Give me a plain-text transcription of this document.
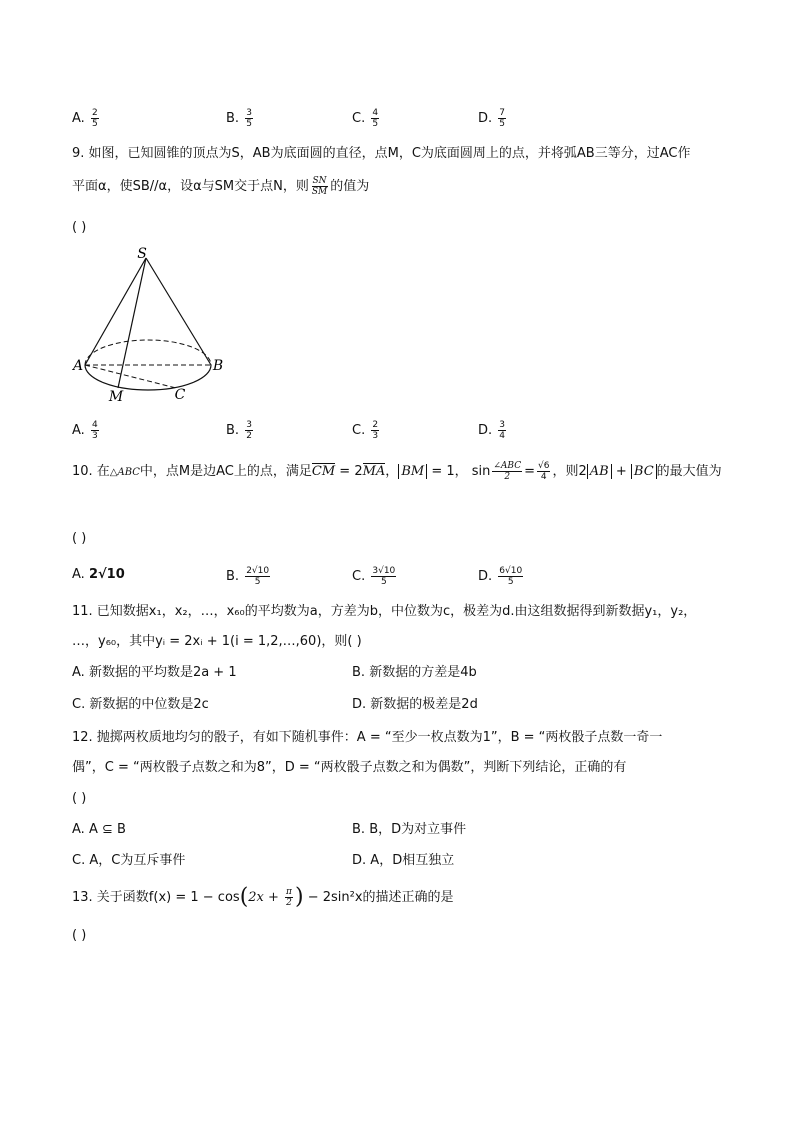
A. $\frac{2}{5}$	B. $\frac{3}{5}$	C. $\frac{4}{5}$	D. $\frac{7}{5}$
9. 如图，已知圆锥的顶点为S，AB为底面圆的直径，点M，C为底面圆周上的点，并将弧AB三等分，过AC作
平面α，使SB//α，设α与SM交于点N，则 $\frac{SN}{SM}$ 的值为
( )
S
A	B
M	C
A. $\frac{4}{3}$	B. $\frac{3}{2}$	C. $\frac{2}{3}$	D. $\frac{3}{4}$
10. 在△ABC中，点M是边AC上的点，满足CM = 2MA， BM = 1， $\sin \frac{\text{∠ABC}}{2} = \frac{√6}{4}$ ，则2 AB + BC 的最大值为
( )
A. 2√10	B. $\frac{2√10}{5}$	C. $\frac{3√10}{5}$	D. $\frac{6√10}{5}$
11. 已知数据x₁，x₂，…，x₆₀的平均数为a，方差为b，中位数为c，极差为d.由这组数据得到新数据y₁，y₂，
…，y₆₀，其中yᵢ = 2xᵢ + 1(i = 1,2,…,60)，则( )
A. 新数据的平均数是2a + 1	B. 新数据的方差是4b
C. 新数据的中位数是2c	D. 新数据的极差是2d
12. 抛掷两枚质地均匀的骰子，有如下随机事件：A = “至少一枚点数为1”，B = “两枚骰子点数一奇一
偶”，C = “两枚骰子点数之和为8”，D = “两枚骰子点数之和为偶数”，判断下列结论，正确的有
( )
A. A ⊆ B	B. B，D为对立事件
C. A，C为互斥事件	D. A，D相互独立
13. 关于函数$f(x) = 1 - \cos(2x + \frac{\pi}{2}$ ) − 2sin²x的描述正确的是
( )
